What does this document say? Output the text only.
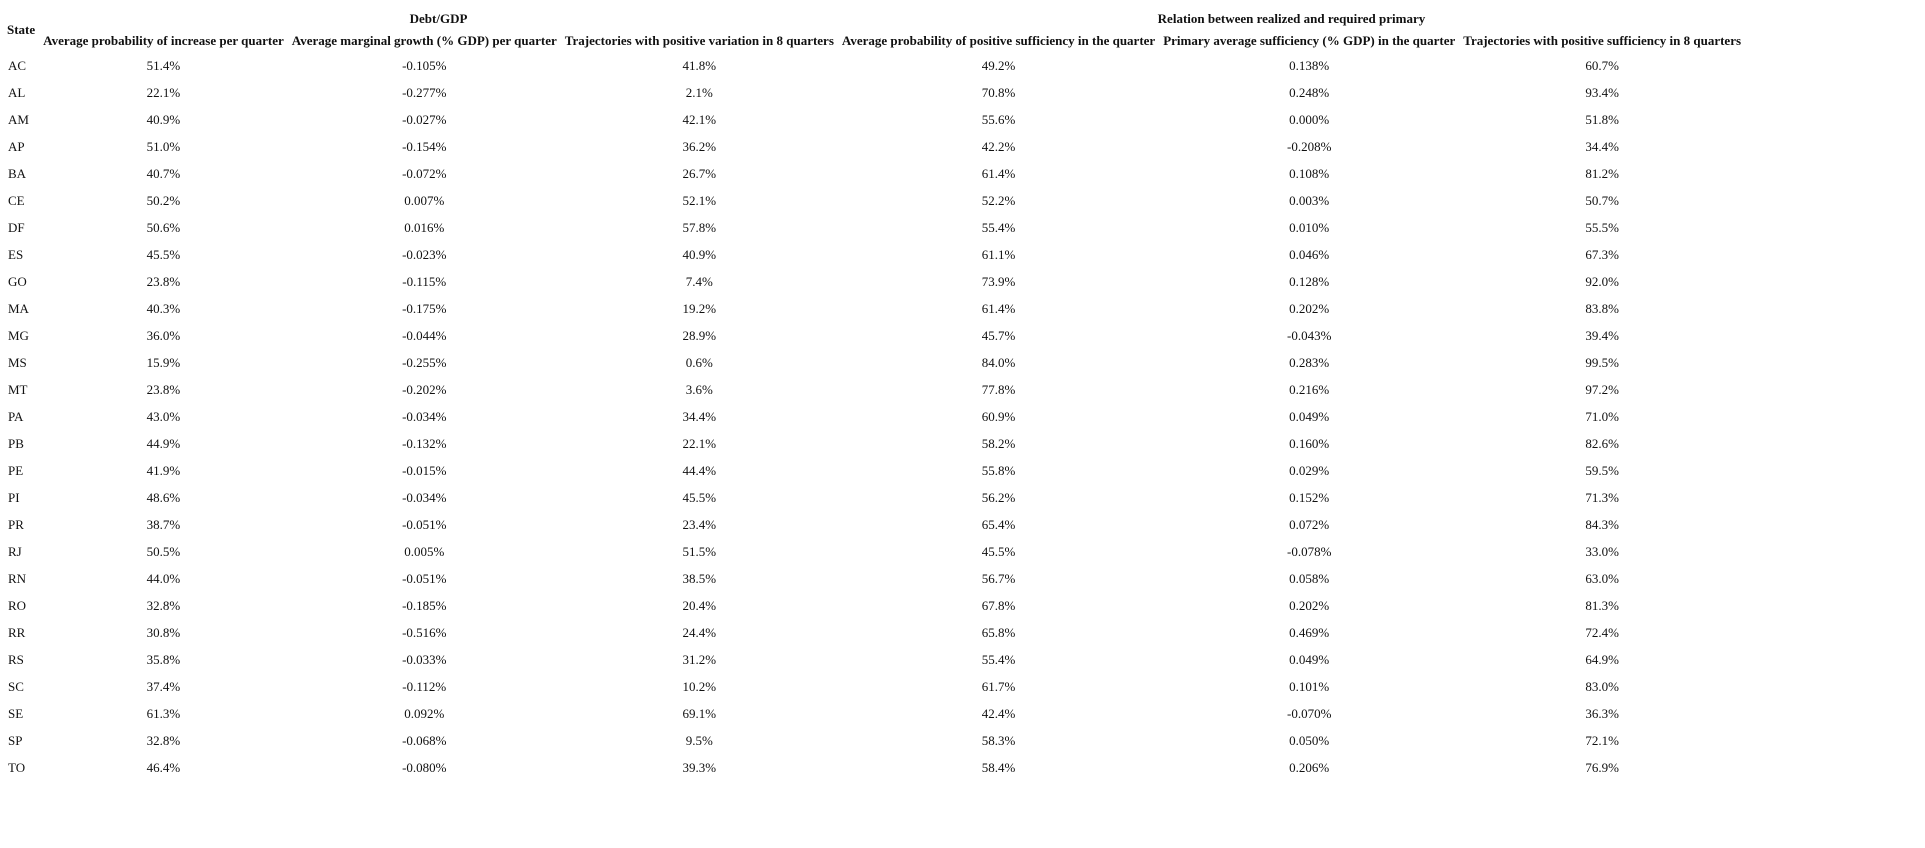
State	Debt/GDP			Relation between realized and required primary		
	Average probability of increase per quarter	Average marginal growth (% GDP) per quarter	Trajectories with positive variation in 8 quarters	Average probability of positive sufficiency in the quarter	Primary average sufficiency (% GDP) in the quarter	Trajectories with positive sufficiency in 8 quarters
AC	51.4%	-0.105%	41.8%	49.2%	0.138%	60.7%
AL	22.1%	-0.277%	2.1%	70.8%	0.248%	93.4%
AM	40.9%	-0.027%	42.1%	55.6%	0.000%	51.8%
AP	51.0%	-0.154%	36.2%	42.2%	-0.208%	34.4%
BA	40.7%	-0.072%	26.7%	61.4%	0.108%	81.2%
CE	50.2%	0.007%	52.1%	52.2%	0.003%	50.7%
DF	50.6%	0.016%	57.8%	55.4%	0.010%	55.5%
ES	45.5%	-0.023%	40.9%	61.1%	0.046%	67.3%
GO	23.8%	-0.115%	7.4%	73.9%	0.128%	92.0%
MA	40.3%	-0.175%	19.2%	61.4%	0.202%	83.8%
MG	36.0%	-0.044%	28.9%	45.7%	-0.043%	39.4%
MS	15.9%	-0.255%	0.6%	84.0%	0.283%	99.5%
MT	23.8%	-0.202%	3.6%	77.8%	0.216%	97.2%
PA	43.0%	-0.034%	34.4%	60.9%	0.049%	71.0%
PB	44.9%	-0.132%	22.1%	58.2%	0.160%	82.6%
PE	41.9%	-0.015%	44.4%	55.8%	0.029%	59.5%
PI	48.6%	-0.034%	45.5%	56.2%	0.152%	71.3%
PR	38.7%	-0.051%	23.4%	65.4%	0.072%	84.3%
RJ	50.5%	0.005%	51.5%	45.5%	-0.078%	33.0%
RN	44.0%	-0.051%	38.5%	56.7%	0.058%	63.0%
RO	32.8%	-0.185%	20.4%	67.8%	0.202%	81.3%
RR	30.8%	-0.516%	24.4%	65.8%	0.469%	72.4%
RS	35.8%	-0.033%	31.2%	55.4%	0.049%	64.9%
SC	37.4%	-0.112%	10.2%	61.7%	0.101%	83.0%
SE	61.3%	0.092%	69.1%	42.4%	-0.070%	36.3%
SP	32.8%	-0.068%	9.5%	58.3%	0.050%	72.1%
TO	46.4%	-0.080%	39.3%	58.4%	0.206%	76.9%
